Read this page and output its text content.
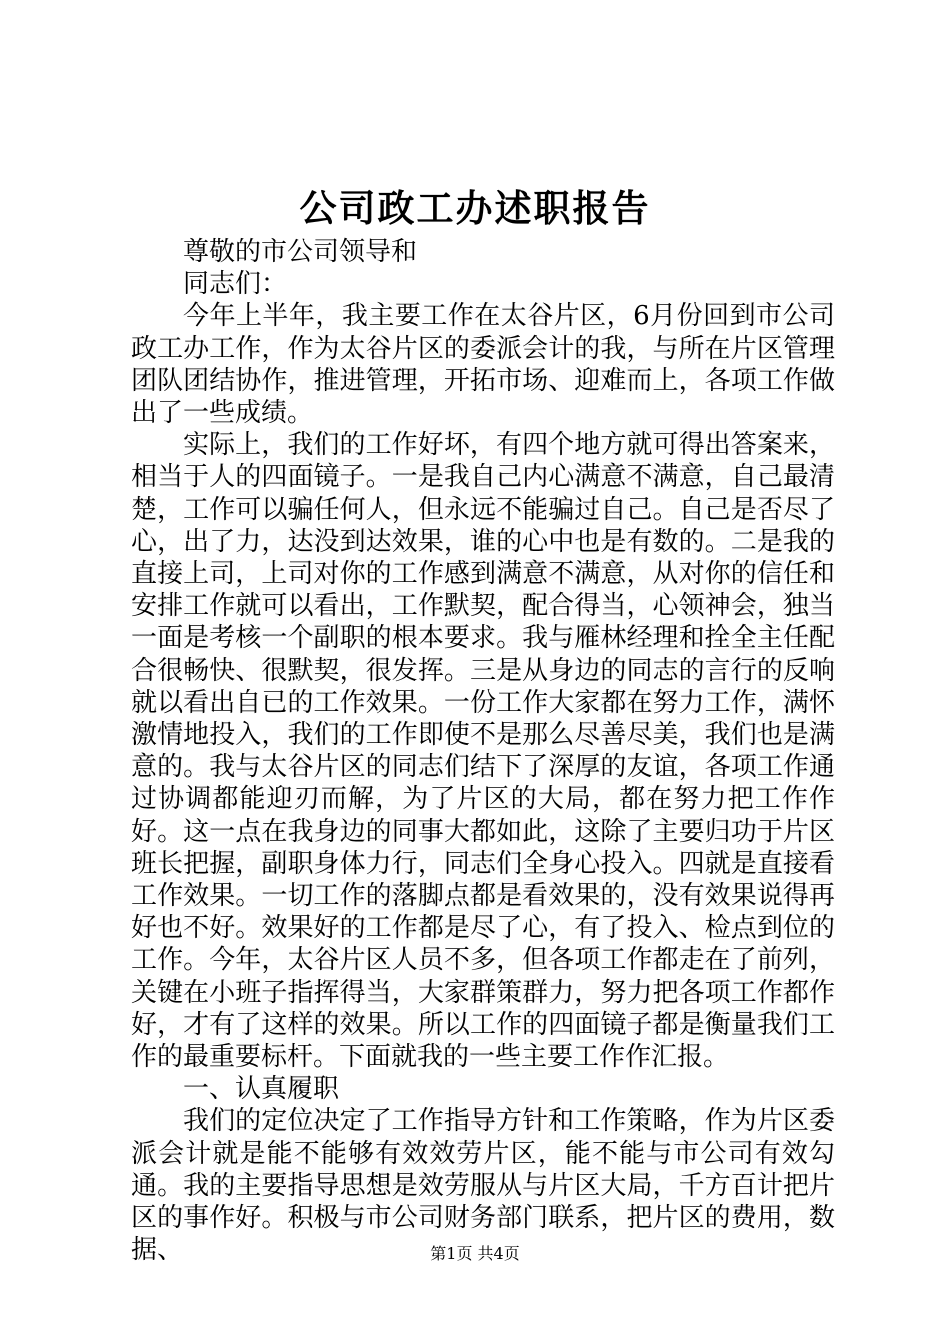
公司政工办述职报告

尊敬的市公司领导和

同志们：

今年上半年，我主要工作在太谷片区，6月份回到市公司政工办工作，作为太谷片区的委派会计的我，与所在片区管理团队团结协作，推进管理，开拓市场、迎难而上，各项工作做出了一些成绩。

实际上，我们的工作好坏，有四个地方就可得出答案来，相当于人的四面镜子。一是我自己内心满意不满意，自己最清楚，工作可以骗任何人，但永远不能骗过自己。自己是否尽了心，出了力，达没到达效果，谁的心中也是有数的。二是我的直接上司，上司对你的工作感到满意不满意，从对你的信任和安排工作就可以看出，工作默契，配合得当，心领神会，独当一面是考核一个副职的根本要求。我与雁林经理和拴全主任配合很畅快、很默契，很发挥。三是从身边的同志的言行的反响就以看出自已的工作效果。一份工作大家都在努力工作，满怀激情地投入，我们的工作即使不是那么尽善尽美，我们也是满意的。我与太谷片区的同志们结下了深厚的友谊，各项工作通过协调都能迎刃而解，为了片区的大局，都在努力把工作作好。这一点在我身边的同事大都如此，这除了主要归功于片区班长把握，副职身体力行，同志们全身心投入。四就是直接看工作效果。一切工作的落脚点都是看效果的，没有效果说得再好也不好。效果好的工作都是尽了心，有了投入、检点到位的工作。今年，太谷片区人员不多，但各项工作都走在了前列，关键在小班子指挥得当，大家群策群力，努力把各项工作都作好，才有了这样的效果。所以工作的四面镜子都是衡量我们工作的最重要标杆。下面就我的一些主要工作作汇报。

一、认真履职

我们的定位决定了工作指导方针和工作策略，作为片区委派会计就是能不能够有效效劳片区，能不能与市公司有效勾通。我的主要指导思想是效劳服从与片区大局，千方百计把片区的事作好。积极与市公司财务部门联系，把片区的费用，数据、	第1页 共4页
